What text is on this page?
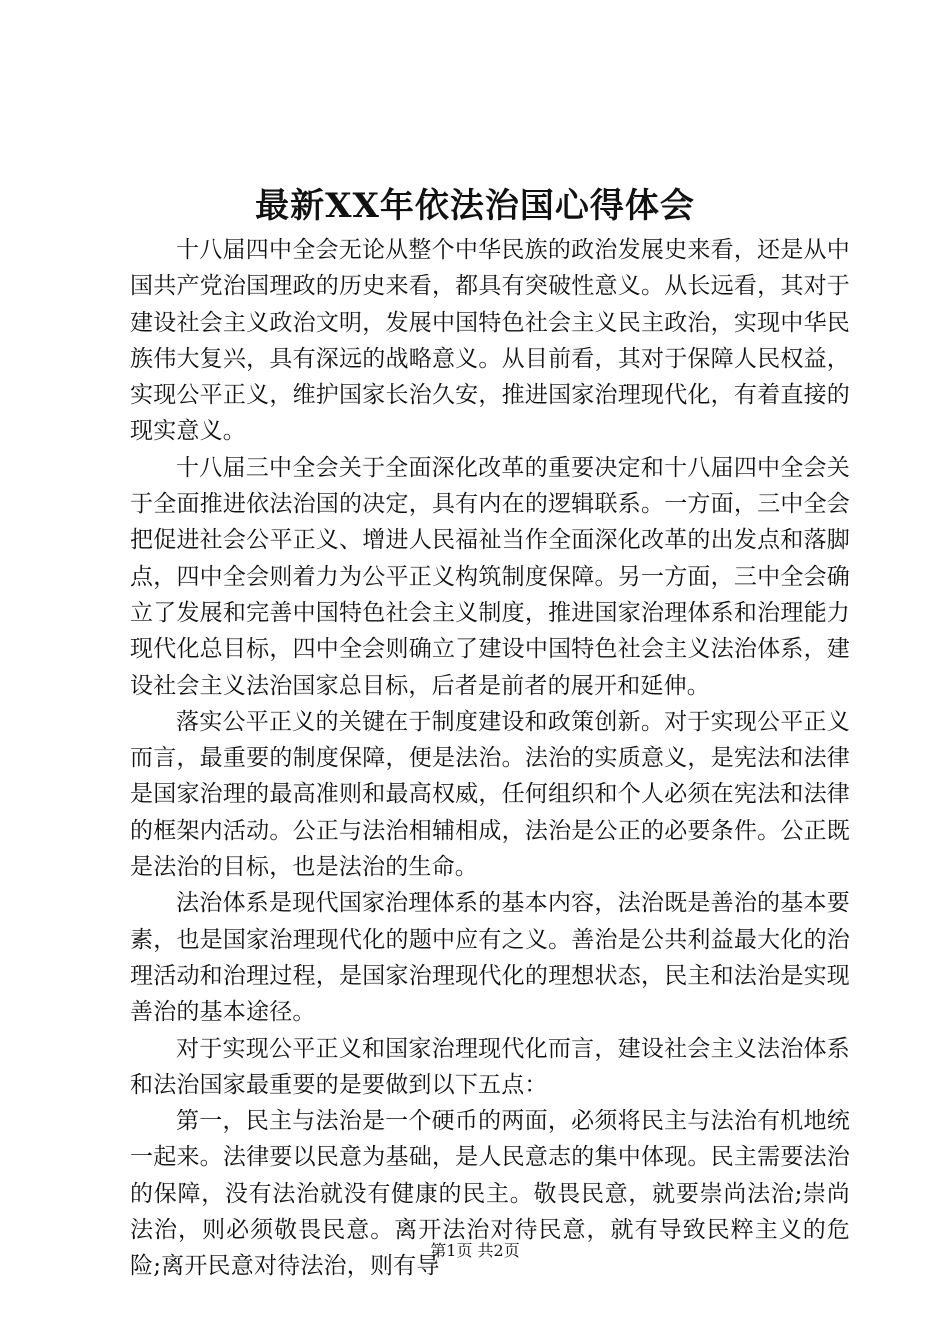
最新XX年依法治国心得体会

十八届四中全会无论从整个中华民族的政治发展史来看，还是从中国共产党治国理政的历史来看，都具有突破性意义。从长远看，其对于建设社会主义政治文明，发展中国特色社会主义民主政治，实现中华民族伟大复兴，具有深远的战略意义。从目前看，其对于保障人民权益，实现公平正义，维护国家长治久安，推进国家治理现代化，有着直接的现实意义。

十八届三中全会关于全面深化改革的重要决定和十八届四中全会关于全面推进依法治国的决定，具有内在的逻辑联系。一方面，三中全会把促进社会公平正义、增进人民福祉当作全面深化改革的出发点和落脚点，四中全会则着力为公平正义构筑制度保障。另一方面，三中全会确立了发展和完善中国特色社会主义制度，推进国家治理体系和治理能力现代化总目标，四中全会则确立了建设中国特色社会主义法治体系，建设社会主义法治国家总目标，后者是前者的展开和延伸。

落实公平正义的关键在于制度建设和政策创新。对于实现公平正义而言，最重要的制度保障，便是法治。法治的实质意义，是宪法和法律是国家治理的最高准则和最高权威，任何组织和个人必须在宪法和法律的框架内活动。公正与法治相辅相成，法治是公正的必要条件。公正既是法治的目标，也是法治的生命。

法治体系是现代国家治理体系的基本内容，法治既是善治的基本要素，也是国家治理现代化的题中应有之义。善治是公共利益最大化的治理活动和治理过程，是国家治理现代化的理想状态，民主和法治是实现善治的基本途径。

对于实现公平正义和国家治理现代化而言，建设社会主义法治体系和法治国家最重要的是要做到以下五点：

第一，民主与法治是一个硬币的两面，必须将民主与法治有机地统一起来。法律要以民意为基础，是人民意志的集中体现。民主需要法治的保障，没有法治就没有健康的民主。敬畏民意，就要崇尚法治;崇尚法治，则必须敬畏民意。离开法治对待民意，就有导致民粹主义的危险;离开民意对待法治，则有导

第1页 共2页
